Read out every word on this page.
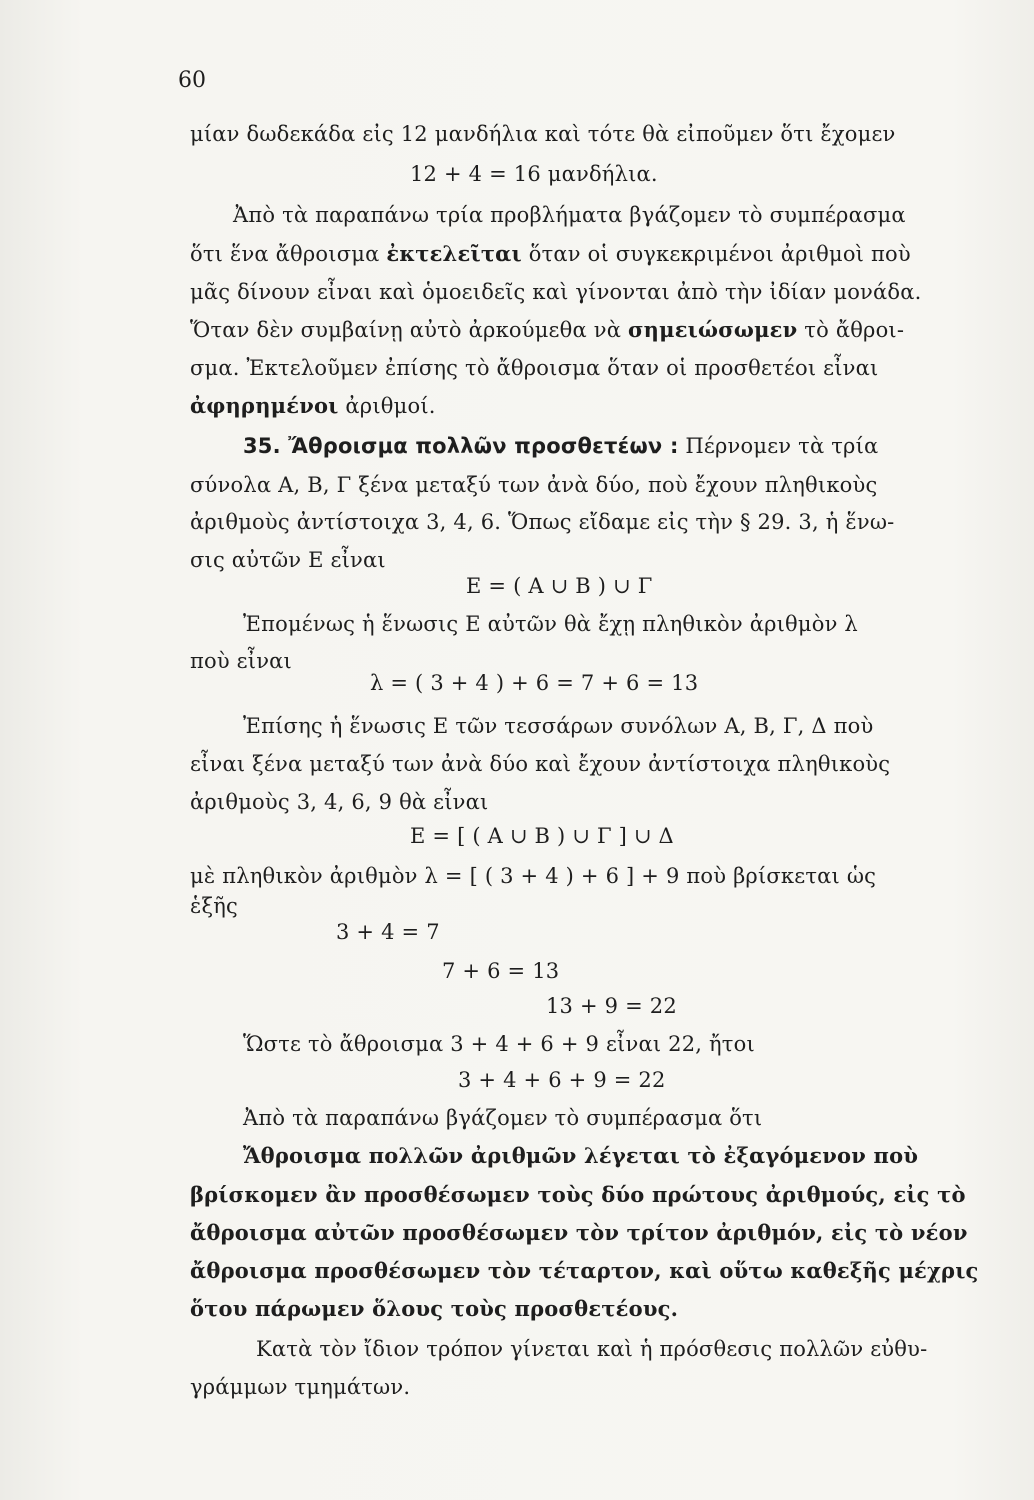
60
μίαν δωδεκάδα εἰς 12 μανδήλια καὶ τότε θὰ εἰποῦμεν ὅτι ἔχομεν
12 + 4 = 16 μανδήλια.
Ἀπὸ τὰ παραπάνω τρία προβλήματα βγάζομεν τὸ συμπέρασμα
ὅτι ἕνα ἄθροισμα ἐκτελεῖται ὅταν οἱ συγκεκριμένοι ἀριθμοὶ ποὺ
μᾶς δίνουν εἶναι καὶ ὁμοειδεῖς καὶ γίνονται ἀπὸ τὴν ἰδίαν μονάδα.
Ὅταν δὲν συμβαίνῃ αὐτὸ ἀρκούμεθα νὰ σημειώσωμεν τὸ ἄθροι-
σμα. Ἐκτελοῦμεν ἐπίσης τὸ ἄθροισμα ὅταν οἱ προσθετέοι εἶναι
ἀφηρημένοι ἀριθμοί.
35. Ἄθροισμα πολλῶν προσθετέων : Πέρνομεν τὰ τρία
σύνολα Α, Β, Γ ξένα μεταξύ των ἀνὰ δύο, ποὺ ἔχουν πληθικοὺς
ἀριθμοὺς ἀντίστοιχα 3, 4, 6. Ὅπως εἴδαμε εἰς τὴν § 29. 3, ἡ ἕνω-
σις αὐτῶν Ε εἶναι
Ε = ( Α ∪ Β ) ∪ Γ
Ἐπομένως ἡ ἕνωσις Ε αὐτῶν θὰ ἔχῃ πληθικὸν ἀριθμὸν λ
ποὺ εἶναι
λ = ( 3 + 4 ) + 6 = 7 + 6 = 13
Ἐπίσης ἡ ἕνωσις Ε τῶν τεσσάρων συνόλων Α, Β, Γ, Δ ποὺ
εἶναι ξένα μεταξύ των ἀνὰ δύο καὶ ἔχουν ἀντίστοιχα πληθικοὺς
ἀριθμοὺς 3, 4, 6, 9 θὰ εἶναι
Ε = [ ( Α ∪ Β ) ∪ Γ ] ∪ Δ
μὲ πληθικὸν ἀριθμὸν λ = [ ( 3 + 4 ) + 6 ] + 9 ποὺ βρίσκεται ὡς
ἑξῆς
3 + 4 = 7
7 + 6 = 13
13 + 9 = 22
Ὥστε τὸ ἄθροισμα 3 + 4 + 6 + 9 εἶναι 22, ἤτοι
3 + 4 + 6 + 9 = 22
Ἀπὸ τὰ παραπάνω βγάζομεν τὸ συμπέρασμα ὅτι
Ἄθροισμα πολλῶν ἀριθμῶν λέγεται τὸ ἐξαγόμενον ποὺ
βρίσκομεν ἂν προσθέσωμεν τοὺς δύο πρώτους ἀριθμούς, εἰς τὸ
ἄθροισμα αὐτῶν προσθέσωμεν τὸν τρίτον ἀριθμόν, εἰς τὸ νέον
ἄθροισμα προσθέσωμεν τὸν τέταρτον, καὶ οὕτω καθεξῆς μέχρις
ὅτου πάρωμεν ὅλους τοὺς προσθετέους.
Κατὰ τὸν ἴδιον τρόπον γίνεται καὶ ἡ πρόσθεσις πολλῶν εὐθυ-
γράμμων τμημάτων.
